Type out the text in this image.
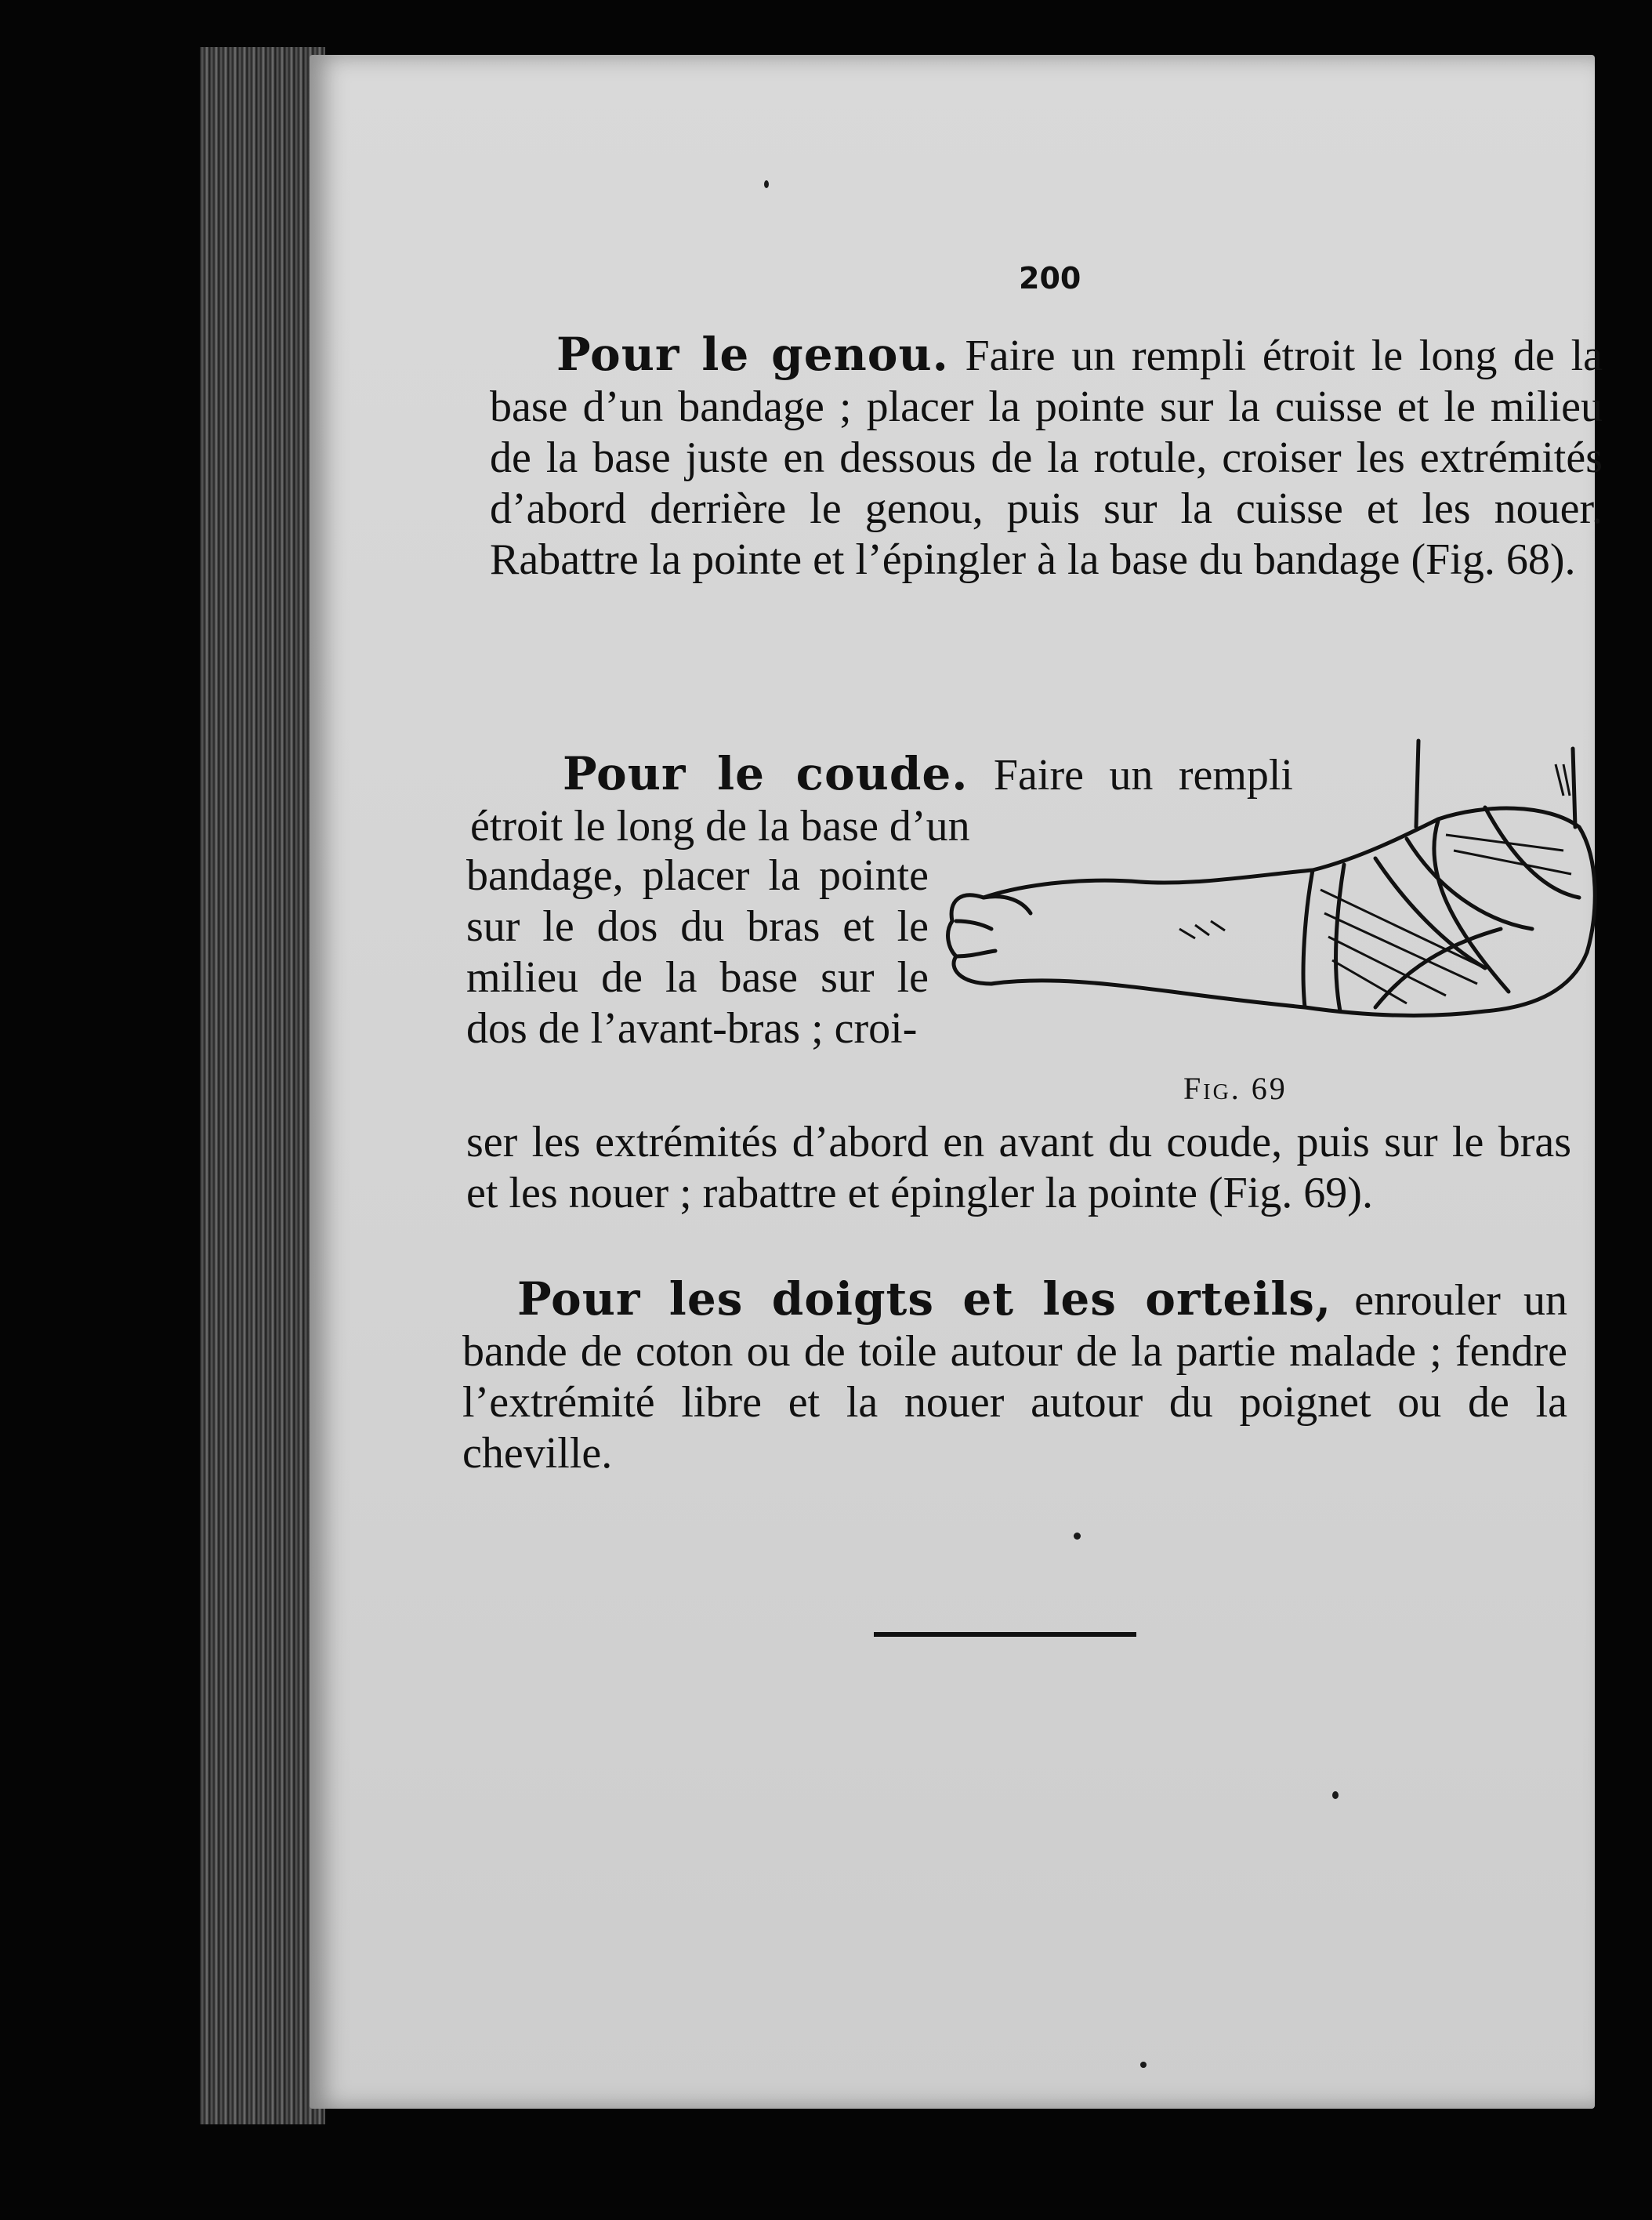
200

Pour le genou. Faire un rempli étroit le long de la base d’un bandage ; placer la pointe sur la cuisse et le milieu de la base juste en dessous de la rotule, croiser les extrémités d’abord derrière le genou, puis sur la cuisse et les nouer. Rabattre la pointe et l’épingler à la base du bandage (Fig. 68).

Pour le coude. Faire un rempli étroit le long de la base d’un

bandage, placer la pointe sur le dos du bras et le milieu de la base sur le dos de l’avant-bras ; croi-

Fig. 69

ser les extrémités d’abord en avant du coude, puis sur le bras et les nouer ; rabattre et épingler la pointe (Fig. 69).

Pour les doigts et les orteils, enrouler un bande de coton ou de toile autour de la partie malade ; fendre l’extrémité libre et la nouer autour du poignet ou de la cheville.
